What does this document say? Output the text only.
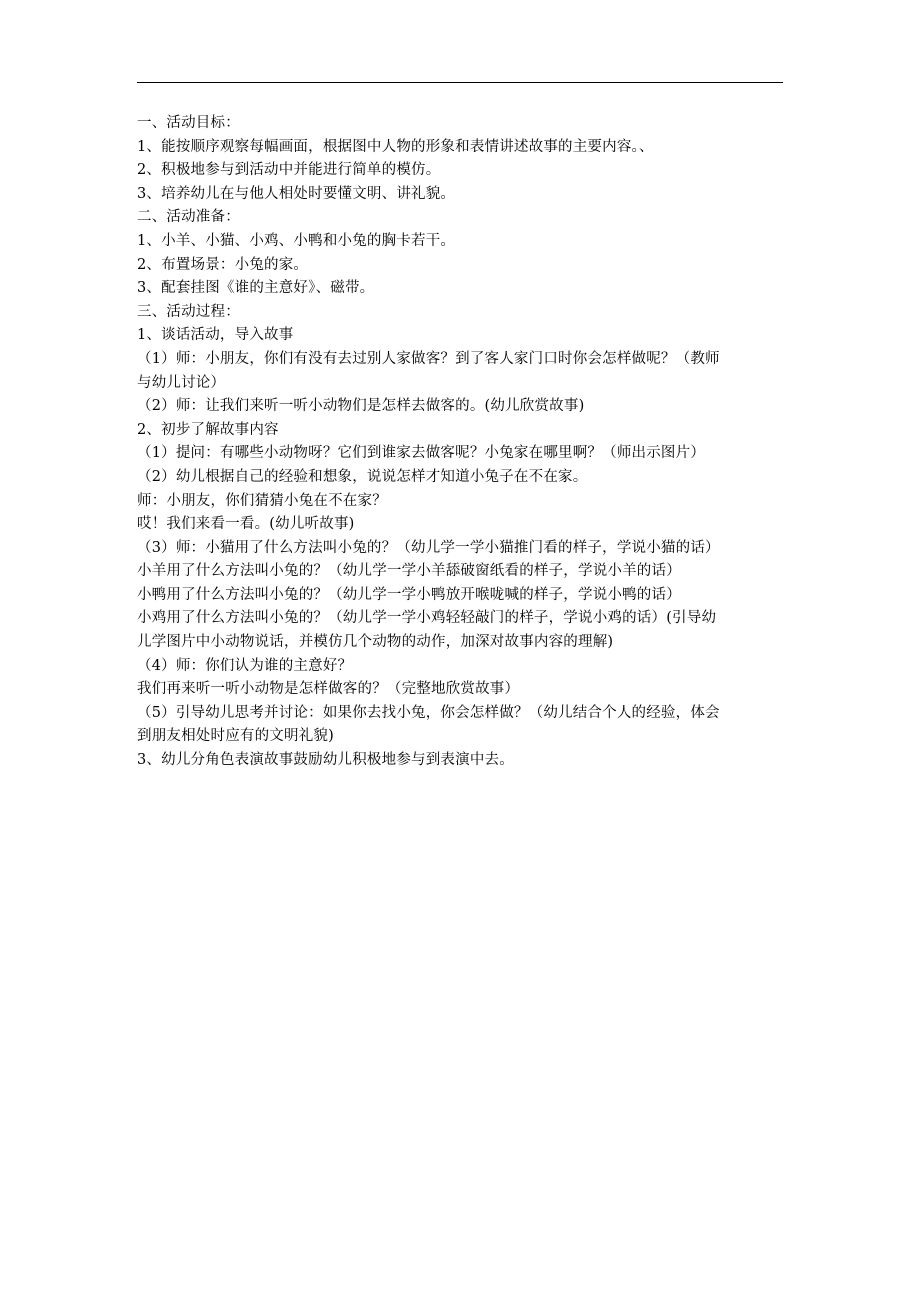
一、活动目标：
1、能按顺序观察每幅画面，根据图中人物的形象和表情讲述故事的主要内容。、
2、积极地参与到活动中并能进行简单的模仿。
3、培养幼儿在与他人相处时要懂文明、讲礼貌。
二、活动准备：
1、小羊、小猫、小鸡、小鸭和小兔的胸卡若干。
2、布置场景：小兔的家。
3、配套挂图《谁的主意好》、磁带。
三、活动过程：
1、谈话活动，导入故事
（1）师：小朋友，你们有没有去过别人家做客？到了客人家门口时你会怎样做呢？（教师
与幼儿讨论）
（2）师：让我们来听一听小动物们是怎样去做客的。(幼儿欣赏故事)
2、初步了解故事内容
（1）提问：有哪些小动物呀？它们到谁家去做客呢？小兔家在哪里啊？（师出示图片）
（2）幼儿根据自己的经验和想象，说说怎样才知道小兔子在不在家。
师：小朋友，你们猜猜小兔在不在家？
哎！我们来看一看。(幼儿听故事)
（3）师：小猫用了什么方法叫小兔的？（幼儿学一学小猫推门看的样子，学说小猫的话）
小羊用了什么方法叫小兔的？（幼儿学一学小羊舔破窗纸看的样子，学说小羊的话）
小鸭用了什么方法叫小兔的？（幼儿学一学小鸭放开喉咙喊的样子，学说小鸭的话）
小鸡用了什么方法叫小兔的？（幼儿学一学小鸡轻轻敲门的样子，学说小鸡的话）(引导幼
儿学图片中小动物说话，并模仿几个动物的动作，加深对故事内容的理解)
（4）师：你们认为谁的主意好？
我们再来听一听小动物是怎样做客的？（完整地欣赏故事）
（5）引导幼儿思考并讨论：如果你去找小兔，你会怎样做？（幼儿结合个人的经验，体会
到朋友相处时应有的文明礼貌)
3、幼儿分角色表演故事鼓励幼儿积极地参与到表演中去。
